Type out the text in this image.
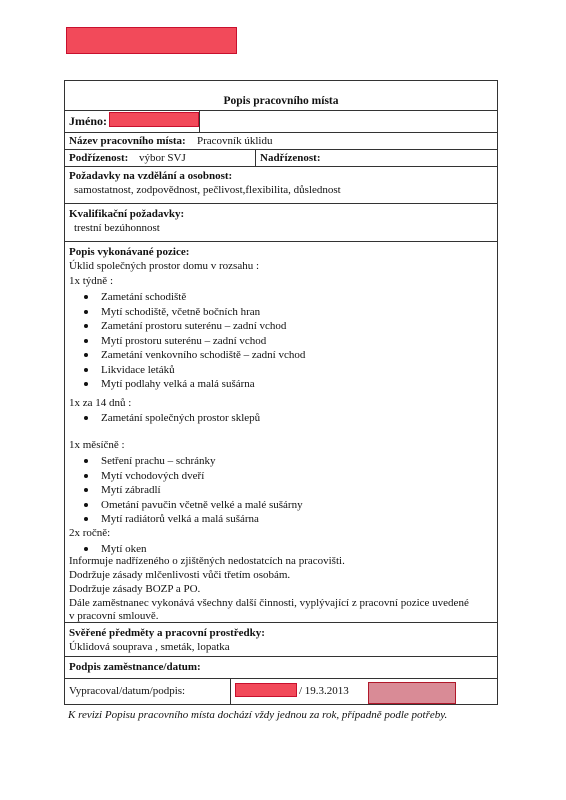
Popis pracovního místa
Jméno:
Název pracovního místa: Pracovník úklidu
Podřízenost: výbor SVJ	Nadřízenost:
Požadavky na vzdělání a osobnost:
samostatnost, zodpovědnost, pečlivost,flexibilita, důslednost
Kvalifikační požadavky:
trestní bezúhonnost
Popis vykonávané pozice:
Úklid společných prostor domu v rozsahu :
1x týdně :
Zametání schodiště
Mytí schodiště, včetně bočních hran
Zametání prostoru suterénu – zadní vchod
Mytí prostoru suterénu – zadní vchod
Zametání venkovního schodiště – zadní vchod
Likvidace letáků
Mytí podlahy velká a malá sušárna
1x za 14 dnů :
Zametání společných prostor sklepů
1x měsíčně :
Setření prachu – schránky
Mytí vchodových dveří
Mytí zábradlí
Ometání pavučin včetně velké a malé sušárny
Mytí radiátorů velká a malá sušárna
2x ročně:
Mytí oken
Informuje nadřízeného o zjištěných nedostatcích na pracovišti.
Dodržuje zásady mlčenlivosti vůči třetím osobám.
Dodržuje zásady BOZP a PO.
Dále zaměstnanec vykonává všechny další činnosti, vyplývající z pracovní pozice uvedené
v pracovní smlouvě.
Svěřené předměty a pracovní prostředky:
Úklidová souprava , smeták, lopatka
Podpis zaměstnance/datum:
Vypracoval/datum/podpis:	/ 19.3.2013
K revizi Popisu pracovního místa dochází vždy jednou za rok, případně podle potřeby.
